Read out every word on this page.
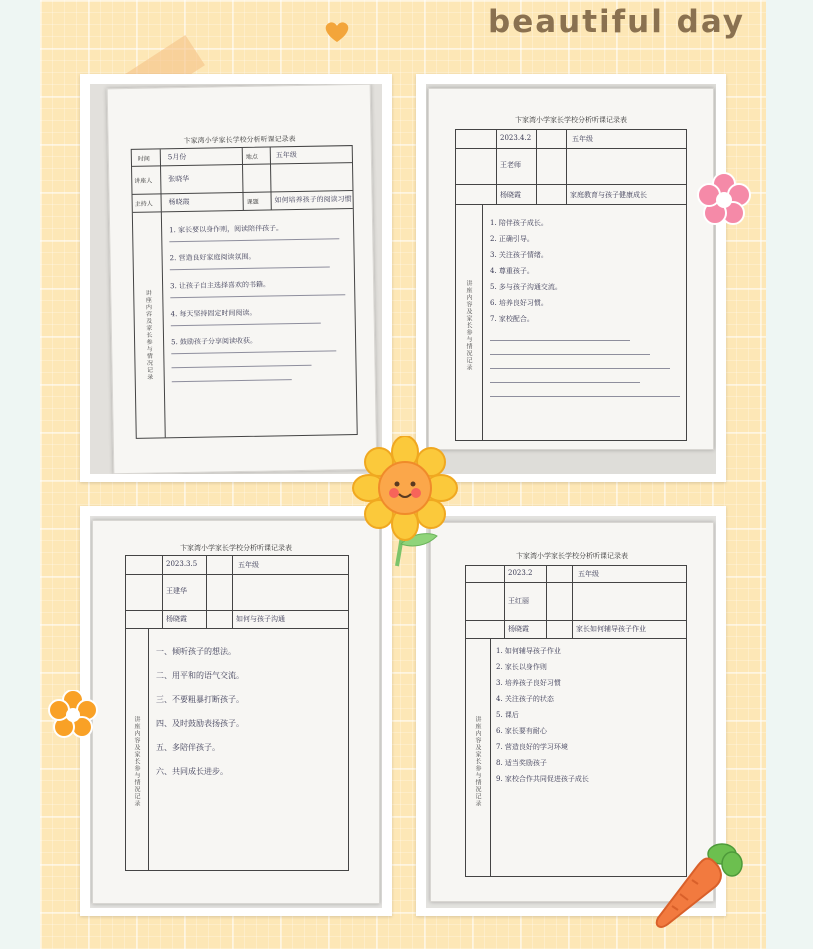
beautiful day
卞家湾小学家长学校分析听课记录表
时间	5月份	地点	五年级
讲座人 张晓华
主持人 杨晓霞	课题 如何培养孩子的阅读习惯
讲座内容及家长参与情况记录
1. 家长要以身作则，阅读陪伴孩子。
2. 营造良好家庭阅读氛围。
3. 让孩子自主选择喜欢的书籍。
4. 每天坚持固定时间阅读。
5. 鼓励孩子分享阅读收获。
卞家湾小学家长学校分析听课记录表
2023.4.2	五年级
王老师
杨晓霞	家庭教育与孩子健康成长
讲座内容及家长参与情况记录
1. 陪伴孩子成长。
2. 正确引导。
3. 关注孩子情绪。
4. 尊重孩子。
5. 多与孩子沟通交流。
6. 培养良好习惯。
7. 家校配合。
卞家湾小学家长学校分析听课记录表
2023.3.5	五年级
王建华
杨晓霞	如何与孩子沟通
讲座内容及家长参与情况记录
一、倾听孩子的想法。
二、用平和的语气交流。
三、不要粗暴打断孩子。
四、及时鼓励表扬孩子。
五、多陪伴孩子。
六、共同成长进步。
卞家湾小学家长学校分析听课记录表
2023.2	五年级
王红丽
杨晓霞	家长如何辅导孩子作业
讲座内容及家长参与情况记录
1. 如何辅导孩子作业
2. 家长以身作则
3. 培养孩子良好习惯
4. 关注孩子的状态
5. 课后
6. 家长要有耐心
7. 营造良好的学习环境
8. 适当奖励孩子
9. 家校合作共同促进孩子成长
